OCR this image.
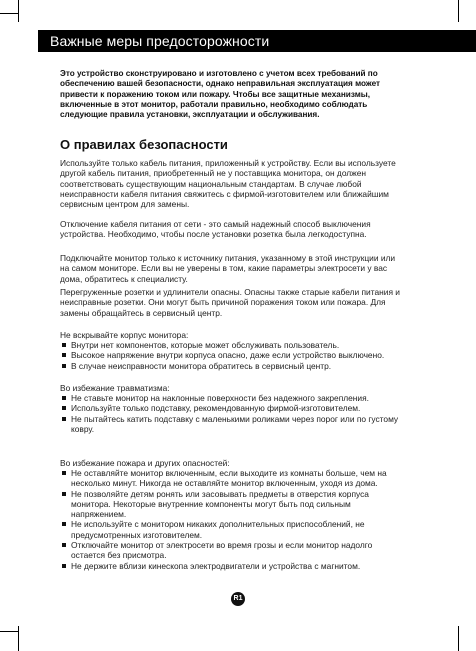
Важные меры предосторожности
Это устройство сконструировано и изготовлено с учетом всех требований по обеспечению вашей безопасности, однако неправильная эксплуатация может привести к поражению током или пожару. Чтобы все защитные механизмы, включенные в этот монитор, работали правильно, необходимо соблюдать следующие правила установки, эксплуатации и обслуживания.
О правилах безопасности
Используйте только кабель питания, приложенный к устройству. Если вы используете другой кабель питания, приобретенный не у поставщика монитора, он должен соответствовать существующим национальным стандартам. В случае любой неисправности кабеля питания свяжитесь с фирмой-изготовителем или ближайшим сервисным центром для замены.
Отключение кабеля питания от сети - это самый надежный способ выключения устройства. Необходимо, чтобы после установки розетка была легкодоступна.
Подключайте монитор только к источнику питания, указанному в этой инструкции или на самом мониторе. Если вы не уверены в том, какие параметры электросети у вас дома, обратитесь к специалисту.
Перегруженные розетки и удлинители опасны. Опасны также старые кабели питания и неисправные розетки. Они могут быть причиной поражения током или пожара. Для замены обращайтесь в сервисный центр.
Не вскрывайте корпус монитора:
Внутри нет компонентов, которые может обслуживать пользователь.
Высокое напряжение внутри корпуса опасно, даже если устройство выключено.
В случае неисправности монитора обратитесь в сервисный центр.
Во избежание травматизма:
Не ставьте монитор на наклонные поверхности без надежного закрепления.
Используйте только подставку, рекомендованную фирмой-изготовителем.
Не пытайтесь катить подставку с маленькими роликами через порог или по густому ковру.
Во избежание пожара и других опасностей:
Не оставляйте монитор включенным, если выходите из комнаты больше, чем на несколько минут. Никогда не оставляйте монитор включенным, уходя из дома.
Не позволяйте детям ронять или засовывать предметы в отверстия корпуса монитора. Некоторые внутренние компоненты могут быть под сильным напряжением.
Не используйте с монитором никаких дополнительных приспособлений, не предусмотренных изготовителем.
Отключайте монитор от электросети во время грозы и если монитор надолго остается без присмотра.
Не держите вблизи кинескопа электродвигатели и устройства с магнитом.
R1
